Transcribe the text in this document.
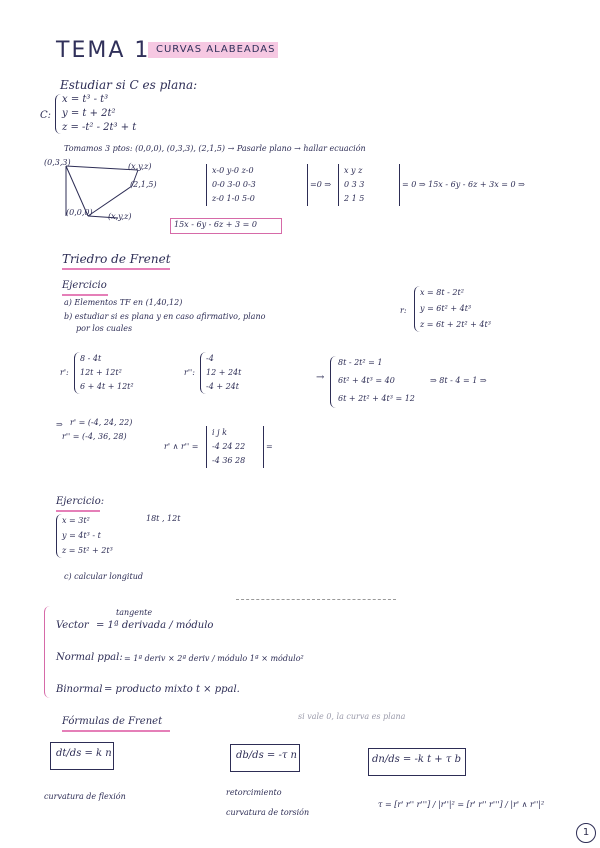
TEMA 1 CURVAS ALABEADAS
Estudiar si C es plana:
C:
x = t³ - t³
y = t + 2t²
z = -t² - 2t³ + t
Tomamos 3 ptos: (0,0,0), (0,3,3), (2,1,5) → Pasarle plano → hallar ecuación
(0,3,3)	(x,y,z)
(2,1,5)
(0,0,0) (x,y,z)
x-0 y-0 z-0
0-0 3-0 0-3
z-0 1-0 5-0
=0 ⇒
x y z
0 3 3
2 1 5
= 0 ⇒ 15x - 6y - 6z + 3x = 0 ⇒
15x - 6y - 6z + 3 = 0
Triedro de Frenet
Ejercicio
a) Elementos TF en (1,40,12)
b) estudiar si es plana y en caso afirmativo, plano
por los cuales
r:
x = 8t - 2t²
y = 6t² + 4t³
z = 6t + 2t² + 4t³
r':
8 - 4t
12t + 12t²
6 + 4t + 12t²
r'':
-4
12 + 24t
-4 + 24t
→
8t - 2t² = 1
6t² + 4t³ = 40
6t + 2t² + 4t³ = 12
⇒ 8t - 4 = 1 ⇒
⇒ r' = (-4, 24, 22)
r'' = (-4, 36, 28)
r' ∧ r'' =
i j k
-4 24 22
-4 36 28
=
Ejercicio:
x = 3t²
y = 4t³ - t
z = 5t² + 2t³
18t , 12t
c) calcular longitud
tangente
Vector = 1ª derivada / módulo
Normal ppal: = 1ª deriv × 2ª deriv / módulo 1ª × módulo²
Binormal = producto mixto t × ppal.
Fórmulas de Frenet	si vale 0, la curva es plana
dt/ds = k n
curvatura de flexión
db/ds = -τ n
retorcimiento
curvatura de torsión
dn/ds = -k t + τ b
τ = [r' r'' r'''] / |r''|² = [r' r'' r'''] / |r' ∧ r''|²
1
